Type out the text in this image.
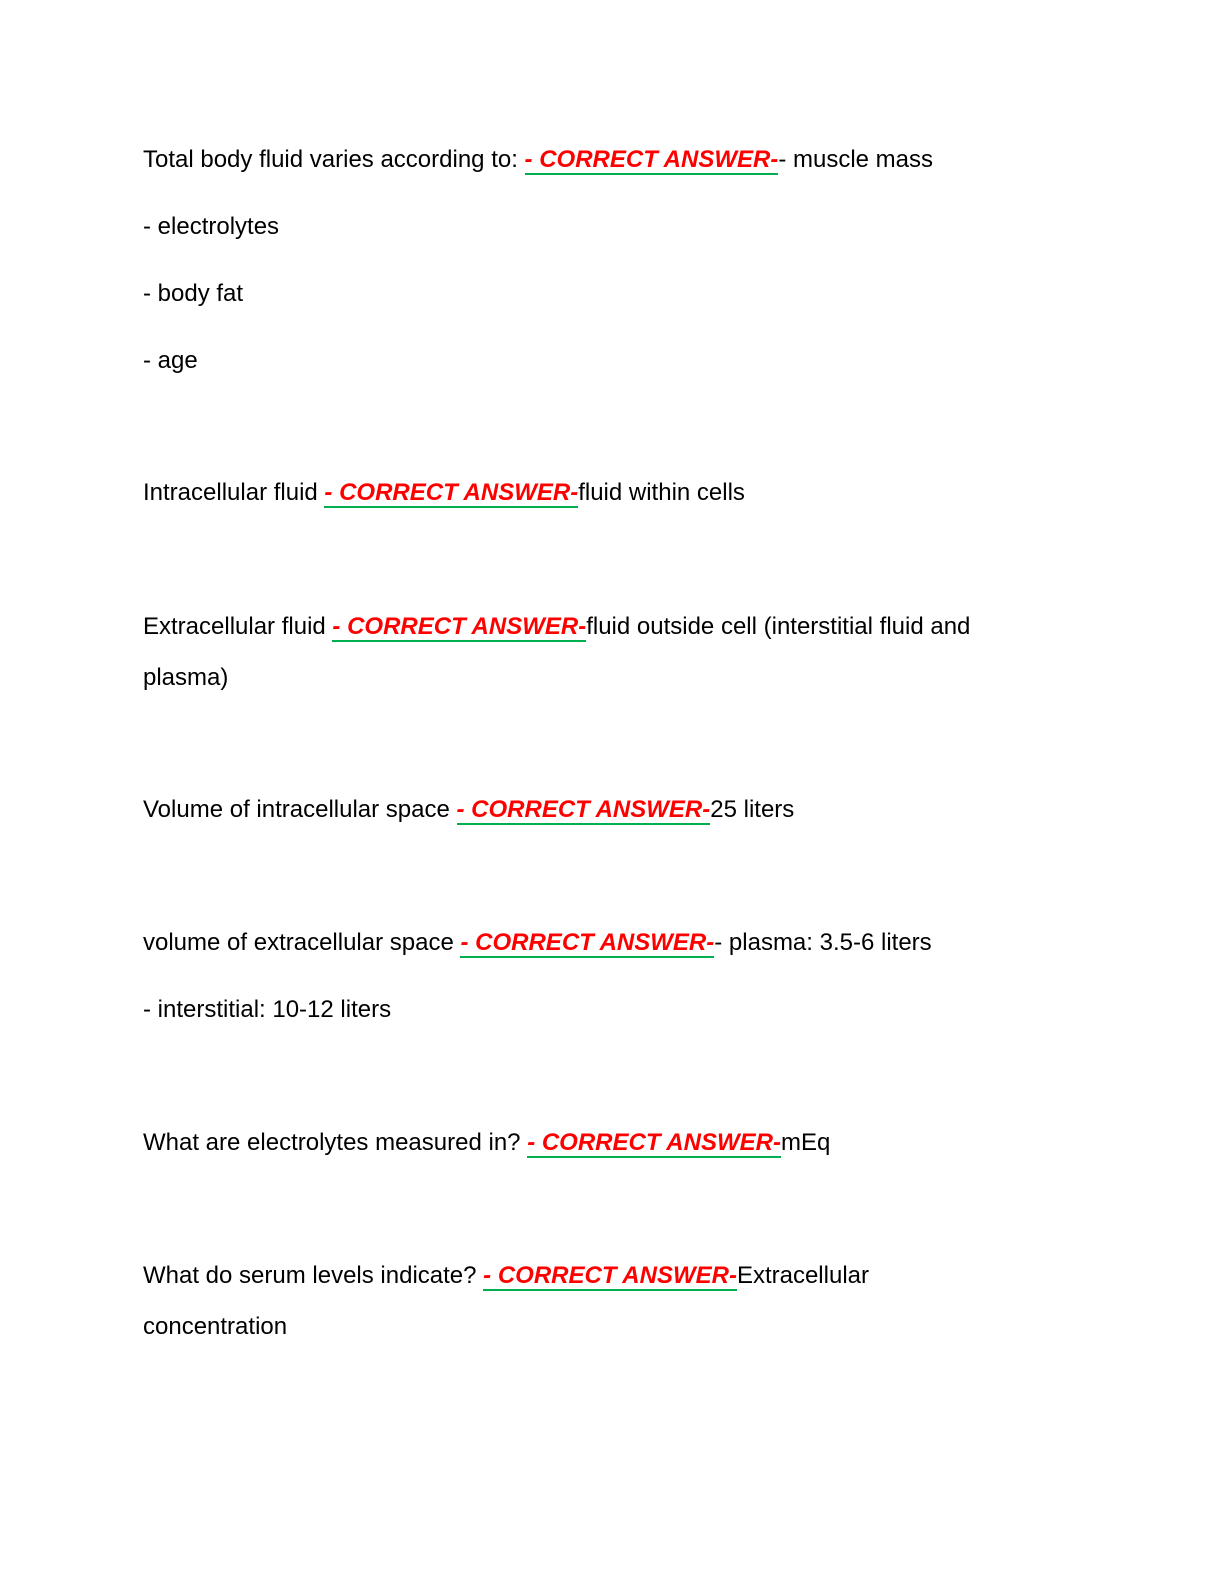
Total body fluid varies according to: - CORRECT ANSWER-- muscle mass
- electrolytes
- body fat
- age
Intracellular fluid - CORRECT ANSWER-fluid within cells
Extracellular fluid - CORRECT ANSWER-fluid outside cell (interstitial fluid and
plasma)
Volume of intracellular space - CORRECT ANSWER-25 liters
volume of extracellular space - CORRECT ANSWER-- plasma: 3.5-6 liters
- interstitial: 10-12 liters
What are electrolytes measured in? - CORRECT ANSWER-mEq
What do serum levels indicate? - CORRECT ANSWER-Extracellular
concentration
